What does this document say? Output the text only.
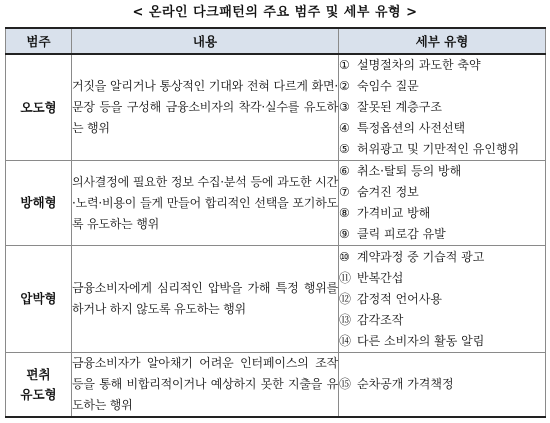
< 온라인 다크패턴의 주요 범주 및 세부 유형 >
범주	내용	세부 유형
오도형	거짓을 알리거나 통상적인 기대와 전혀 다르게 화면·문장 등을 구성해 금융소비자의 착각·실수를 유도하는 행위	① 설명절차의 과도한 축약
② 숙임수 질문
③ 잘못된 계층구조
④ 특정옵션의 사전선택
⑤ 허위광고 및 기만적인 유인행위

방해형	의사결정에 필요한 정보 수집·분석 등에 과도한 시간·노력·비용이 들게 만들어 합리적인 선택을 포기하도록 유도하는 행위	⑥ 취소·탈퇴 등의 방해
⑦ 숨겨진 정보
⑧ 가격비교 방해
⑨ 클릭 피로감 유발

압박형	금융소비자에게 심리적인 압박을 가해 특정 행위를 하거나 하지 않도록 유도하는 행위	⑩ 계약과정 중 기습적 광고
⑪ 반복간섭
⑫ 감정적 언어사용
⑬ 감각조작
⑭ 다른 소비자의 활동 알림

편취
유도형	금융소비자가 알아채기 어려운 인터페이스의 조작 등을 통해 비합리적이거나 예상하지 못한 지출을 유도하는 행위	⑮ 순차공개 가격책정
